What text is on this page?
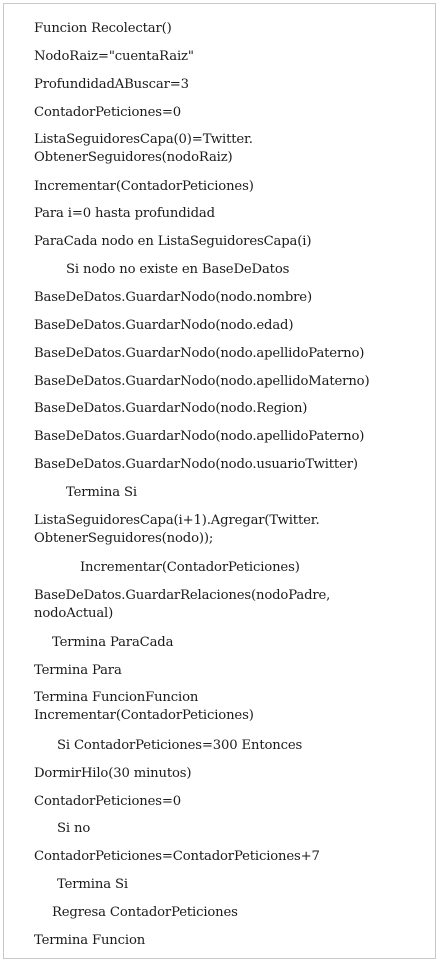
Funcion Recolectar()

NodoRaiz="cuentaRaiz"

ProfundidadABuscar=3

ContadorPeticiones=0

ListaSeguidoresCapa(0)=Twitter.

ObtenerSeguidores(nodoRaiz)

Incrementar(ContadorPeticiones)

Para i=0 hasta profundidad

ParaCada nodo en ListaSeguidoresCapa(i)

Si nodo no existe en BaseDeDatos

BaseDeDatos.GuardarNodo(nodo.nombre)

BaseDeDatos.GuardarNodo(nodo.edad)

BaseDeDatos.GuardarNodo(nodo.apellidoPaterno)

BaseDeDatos.GuardarNodo(nodo.apellidoMaterno)

BaseDeDatos.GuardarNodo(nodo.Region)

BaseDeDatos.GuardarNodo(nodo.apellidoPaterno)

BaseDeDatos.GuardarNodo(nodo.usuarioTwitter)

Termina Si

ListaSeguidoresCapa(i+1).Agregar(Twitter.

ObtenerSeguidores(nodo));

Incrementar(ContadorPeticiones)

BaseDeDatos.GuardarRelaciones(nodoPadre,

nodoActual)

Termina ParaCada

Termina Para

Termina FuncionFuncion

Incrementar(ContadorPeticiones)

Si ContadorPeticiones=300 Entonces

DormirHilo(30 minutos)

ContadorPeticiones=0

Si no

ContadorPeticiones=ContadorPeticiones+7

Termina Si

Regresa ContadorPeticiones

Termina Funcion
